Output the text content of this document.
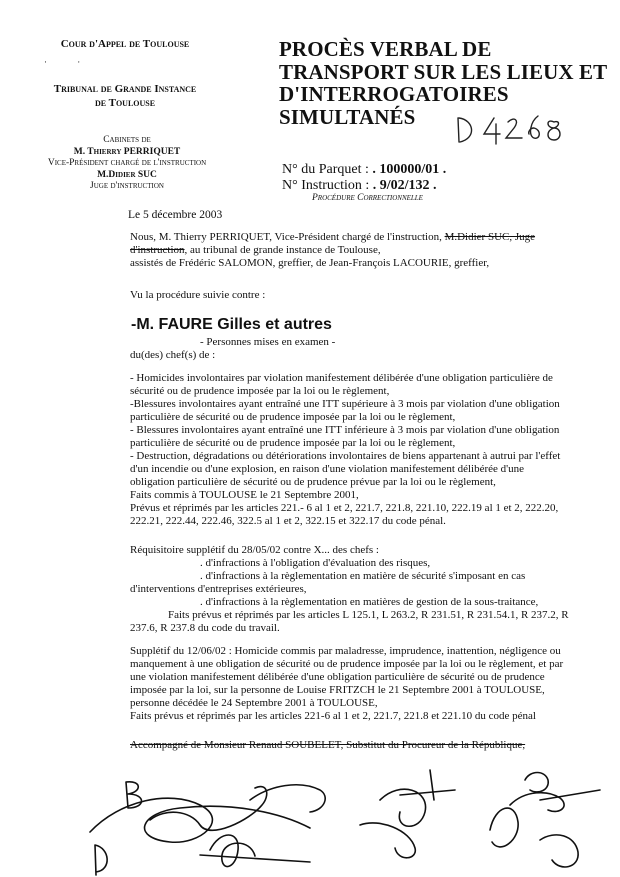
Cour d'Appel de Toulouse
· ·
Tribunal de Grande Instance
de Toulouse
Cabinets de
M. Thierry PERRIQUET
Vice-Président chargé de l'instruction
M.Didier SUC
Juge d'instruction
PROCÈS VERBAL DE
TRANSPORT SUR LES LIEUX ET
D'INTERROGATOIRES
SIMULTANÉS
N° du Parquet : . 100000/01 .
N° Instruction : . 9/02/132 .
Procédure Correctionnelle
Le 5 décembre 2003
Nous, M. Thierry PERRIQUET, Vice-Président chargé de l'instruction, M.Didier SUC, Juge d'instruction, au tribunal de grande instance de Toulouse,
assistés de Frédéric SALOMON, greffier, de Jean-François LACOURIE, greffier,
Vu la procédure suivie contre :
-M. FAURE Gilles et autres
- Personnes mises en examen -
du(des) chef(s) de :
- Homicides involontaires par violation manifestement délibérée d'une obligation particulière de
sécurité ou de prudence imposée par la loi ou le règlement,
-Blessures involontaires ayant entraîné une ITT supérieure à 3 mois par violation d'une obligation
particulière de sécurité ou de prudence imposée par la loi ou le règlement,
- Blessures involontaires ayant entraîné une ITT inférieure à 3 mois par violation d'une obligation
particulière de sécurité ou de prudence imposée par la loi ou le règlement,
- Destruction, dégradations ou détériorations involontaires de biens appartenant à autrui par l'effet
d'un incendie ou d'une explosion, en raison d'une violation manifestement délibérée d'une
obligation particulière de sécurité ou de prudence prévue par la loi ou le règlement,
Faits commis à TOULOUSE le 21 Septembre 2001,
Prévus et réprimés par les articles 221.- 6 al 1 et 2, 221.7, 221.8, 221.10, 222.19 al 1 et 2, 222.20,
222.21, 222.44, 222.46, 322.5 al 1 et 2, 322.15 et 322.17 du code pénal.
Réquisitoire supplétif du 28/05/02 contre X... des chefs :
. d'infractions à l'obligation d'évaluation des risques,
. d'infractions à la règlementation en matière de sécurité s'imposant en cas
d'interventions d'entreprises extérieures,
. d'infractions à la règlementation en matières de gestion de la sous-traitance,
Faits prévus et réprimés par les articles L 125.1, L 263.2, R 231.51, R 231.54.1, R 237.2, R
237.6, R 237.8 du code du travail.
Supplétif du 12/06/02 : Homicide commis par maladresse, imprudence, inattention, négligence ou
manquement à une obligation de sécurité ou de prudence imposée par la loi ou le règlement, et par
une violation manifestement délibérée d'une obligation particulière de sécurité ou de prudence
imposée par la loi, sur la personne de Louise FRITZCH le 21 Septembre 2001 à TOULOUSE,
personne décédée le 24 Septembre 2001 à TOULOUSE,
Faits prévus et réprimés par les articles 221-6 al 1 et 2, 221.7, 221.8 et 221.10 du code pénal
Accompagné de Monsieur Renaud SOUBELET, Substitut du Procureur de la République,
